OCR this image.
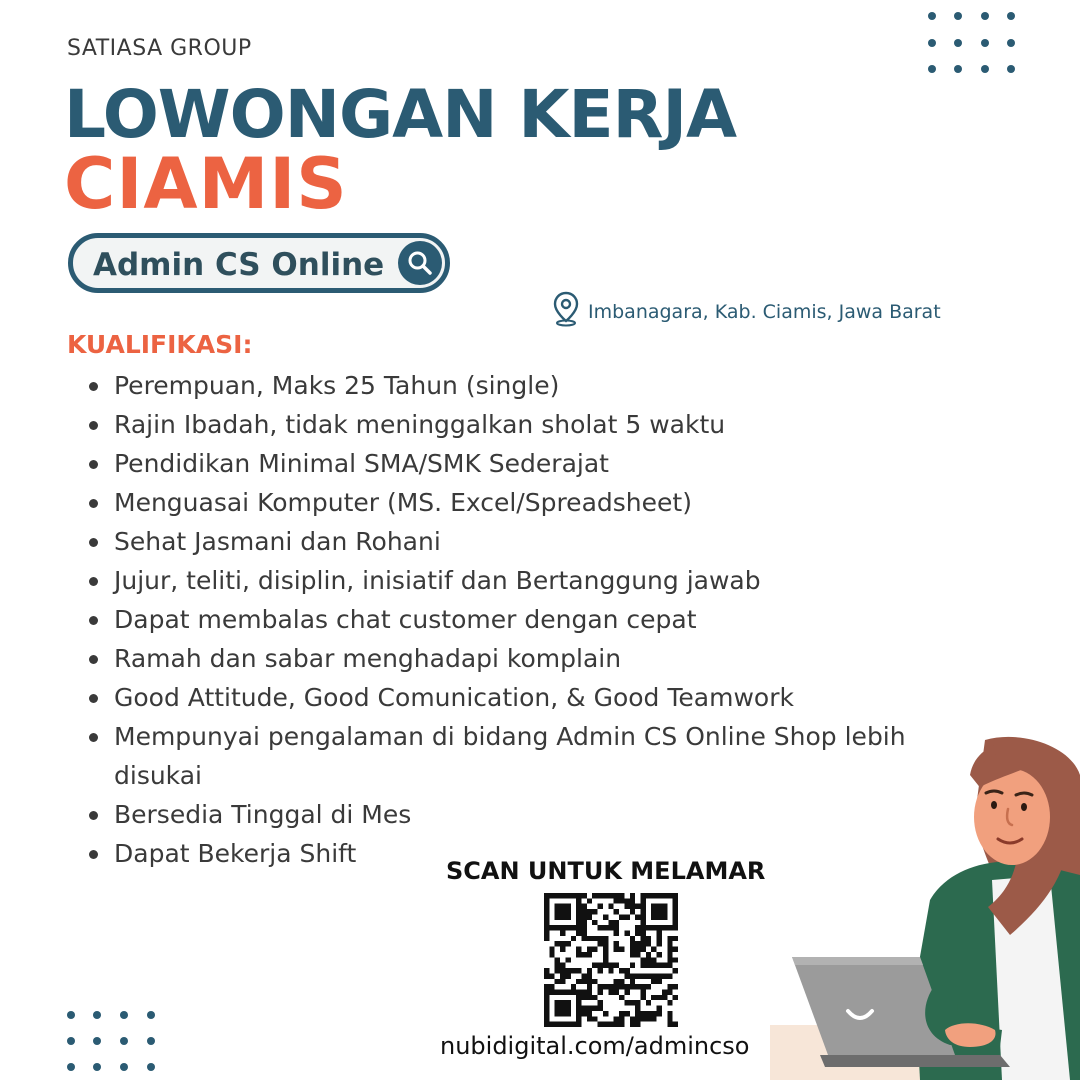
SATIASA GROUP
LOWONGAN KERJA
CIAMIS
Admin CS Online
Imbanagara, Kab. Ciamis, Jawa Barat
KUALIFIKASI:
Perempuan, Maks 25 Tahun (single)
Rajin Ibadah, tidak meninggalkan sholat 5 waktu
Pendidikan Minimal SMA/SMK Sederajat
Menguasai Komputer (MS. Excel/Spreadsheet)
Sehat Jasmani dan Rohani
Jujur, teliti, disiplin, inisiatif dan Bertanggung jawab
Dapat membalas chat customer dengan cepat
Ramah dan sabar menghadapi komplain
Good Attitude, Good Comunication, & Good Teamwork
Mempunyai pengalaman di bidang Admin CS Online Shop lebih disukai
Bersedia Tinggal di Mes
Dapat Bekerja Shift
SCAN UNTUK MELAMAR
nubidigital.com/admincso
